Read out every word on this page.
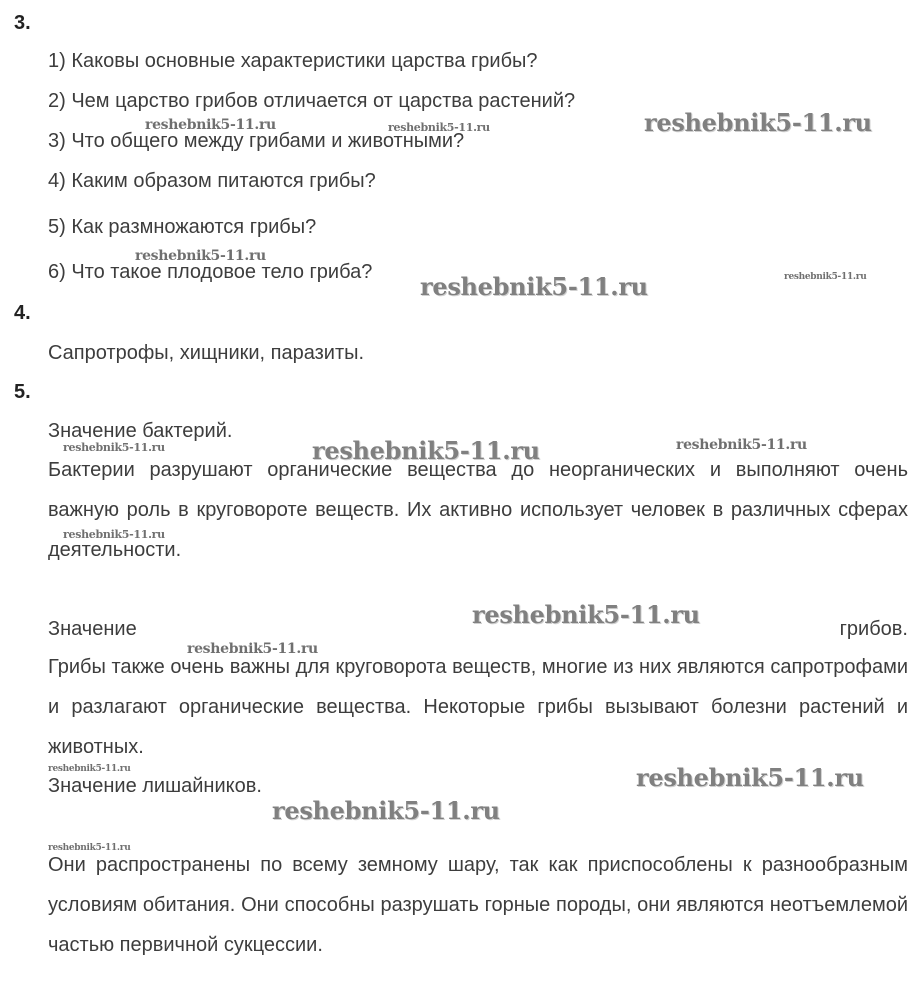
3.
1) Каковы основные характеристики царства грибы?
2) Чем царство грибов отличается от царства растений?
3) Что общего между грибами и животными?
4) Каким образом питаются грибы?
5) Как размножаются грибы?
6) Что такое плодовое тело гриба?
4.
Сапротрофы, хищники, паразиты.
5.
Значение бактерий.
Бактерии разрушают органические вещества до неорганических и выполняют очень важную роль в круговороте веществ. Их активно использует человек в различных сферах деятельности.
Значение	грибов.
Грибы также очень важны для круговорота веществ, многие из них являются сапротрофами и разлагают органические вещества. Некоторые грибы вызывают болезни растений и животных.
Значение лишайников.
Они распространены по всему земному шару, так как приспособлены к разнообразным условиям обитания. Они способны разрушать горные породы, они являются неотъемлемой частью первичной сукцессии.
reshebnik5-11.ru	reshebnik5-11.ru	reshebnik5-11.ru
reshebnik5-11.ru
reshebnik5-11.ru	reshebnik5-11.ru
reshebnik5-11.ru	reshebnik5-11.ru	reshebnik5-11.ru
reshebnik5-11.ru
reshebnik5-11.ru
reshebnik5-11.ru
reshebnik5-11.ru	reshebnik5-11.ru
reshebnik5-11.ru
reshebnik5-11.ru
